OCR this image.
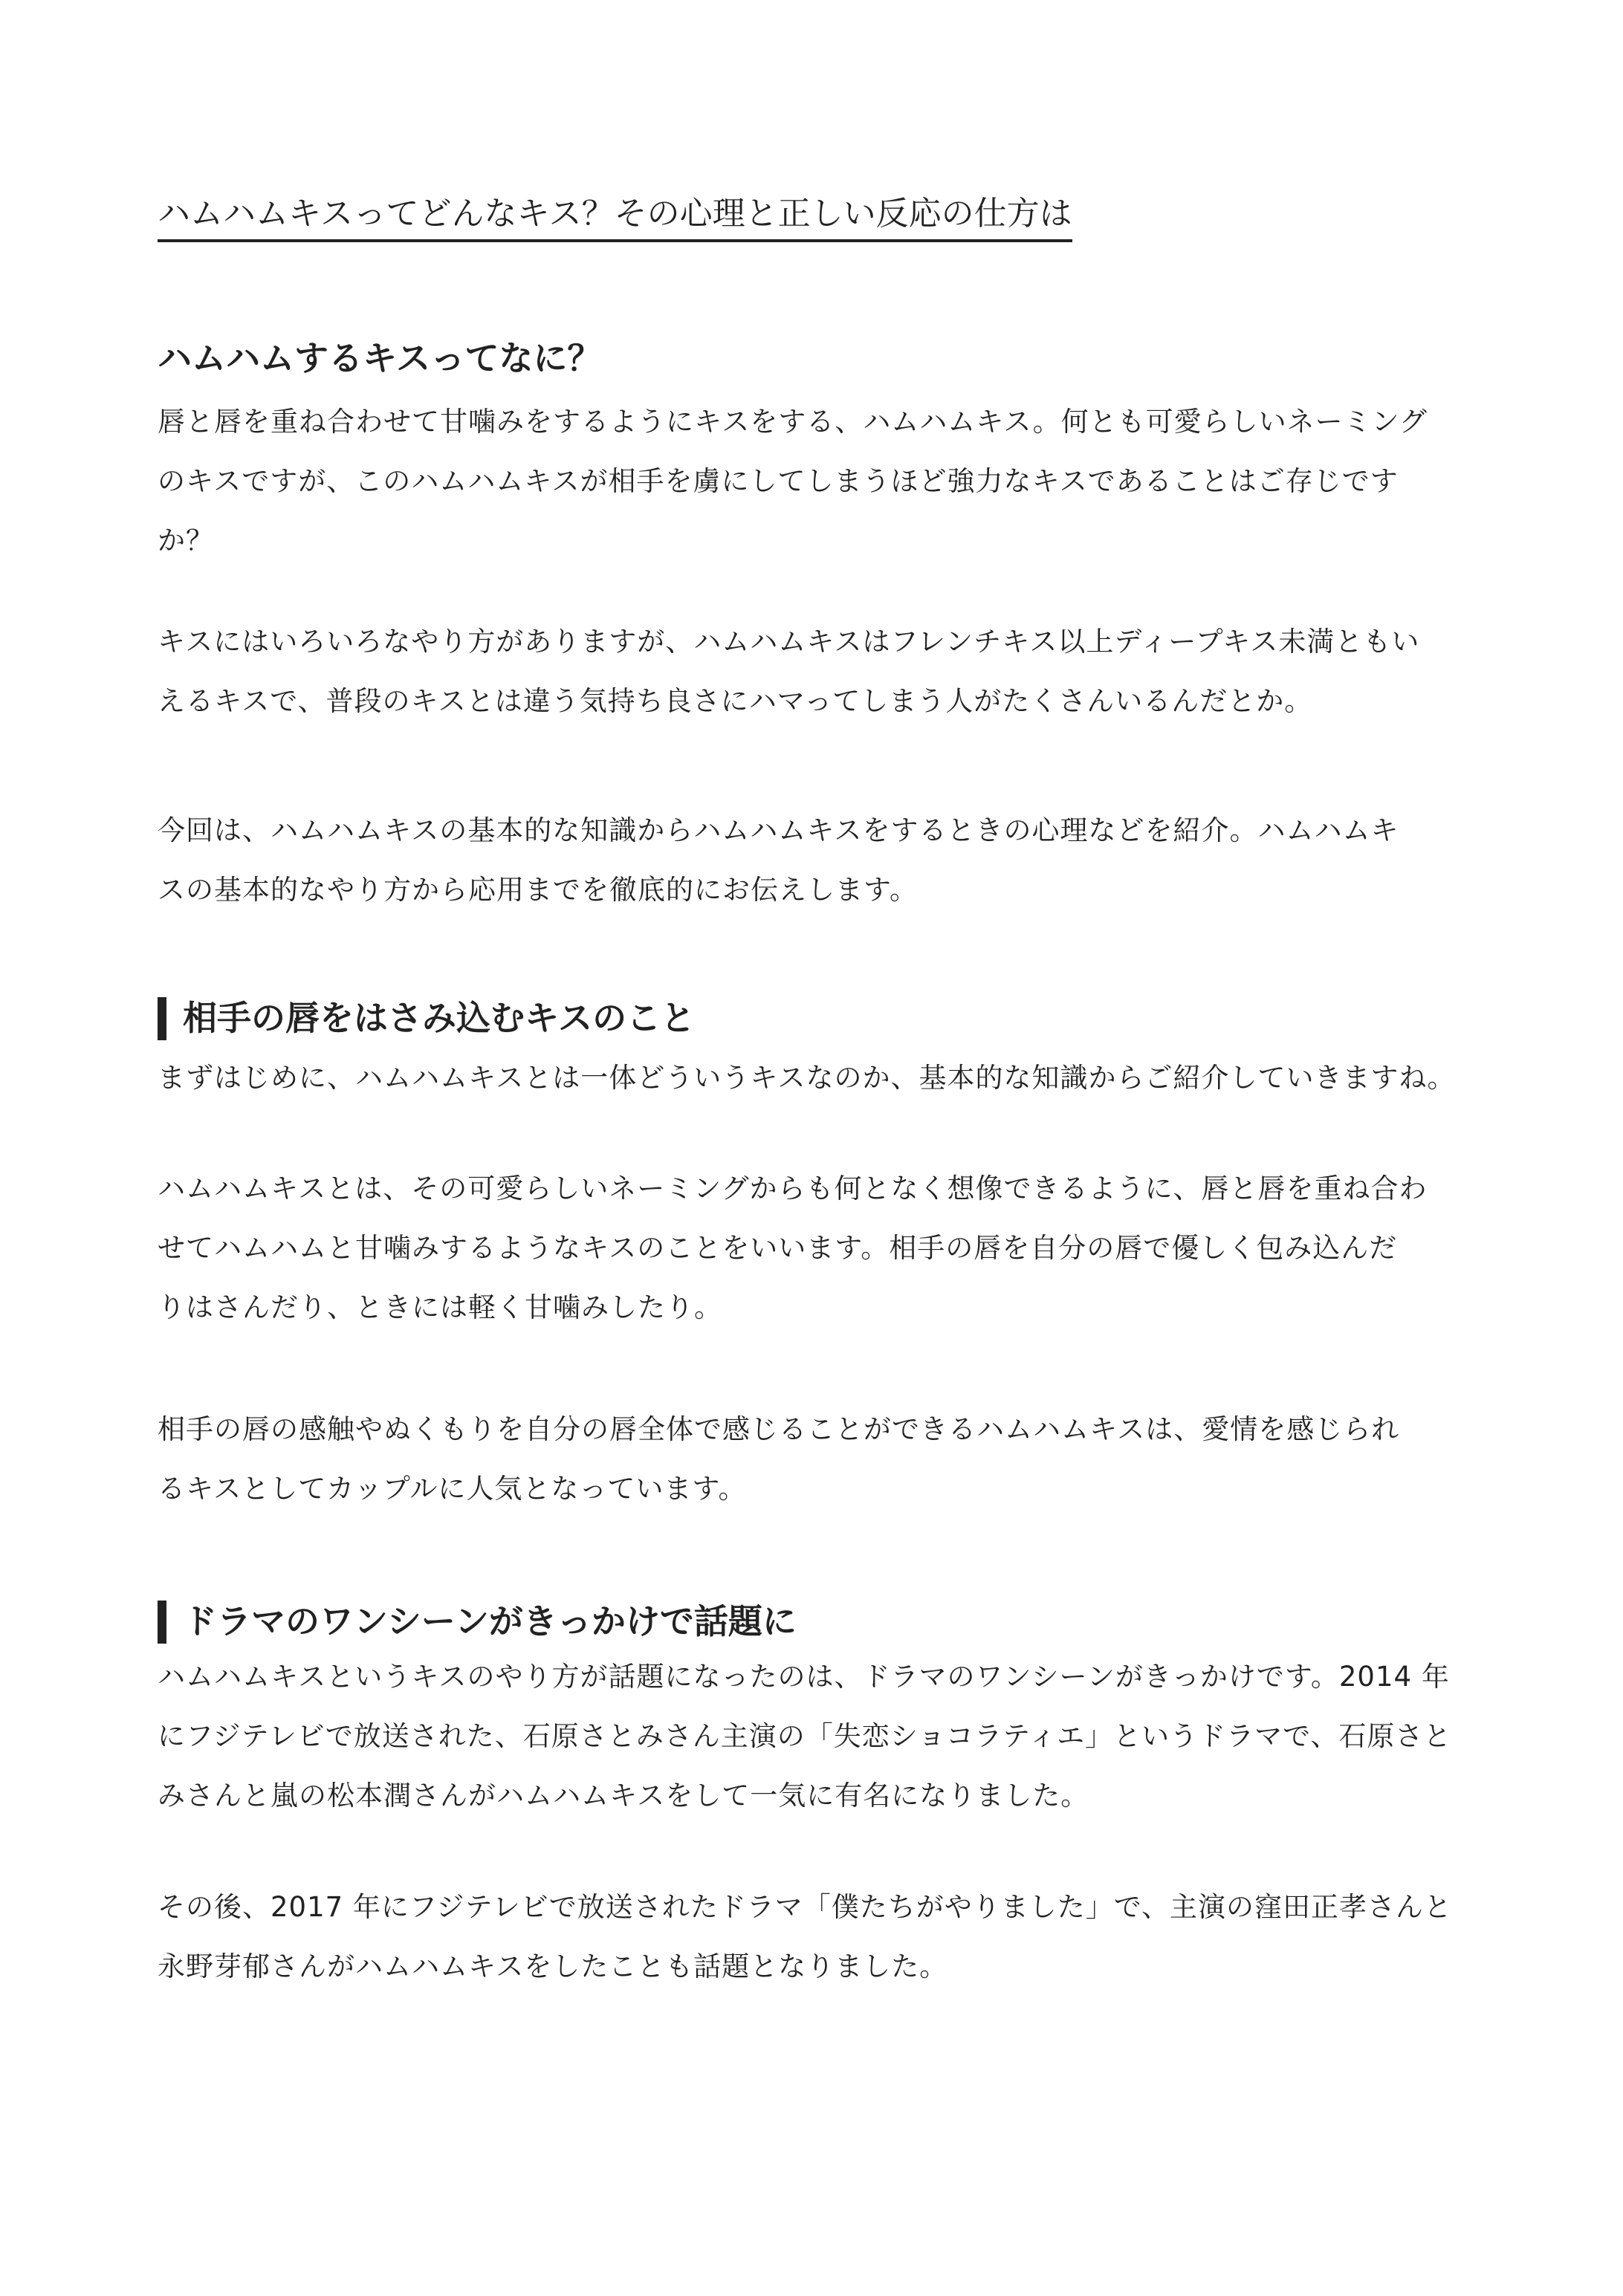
ハムハムキスってどんなキス？その心理と正しい反応の仕方は
ハムハムするキスってなに？
唇と唇を重ね合わせて甘噛みをするようにキスをする、ハムハムキス。何とも可愛らしいネーミング
のキスですが、このハムハムキスが相手を虜にしてしまうほど強力なキスであることはご存じです
か？
キスにはいろいろなやり方がありますが、ハムハムキスはフレンチキス以上ディープキス未満ともい
えるキスで、普段のキスとは違う気持ち良さにハマってしまう人がたくさんいるんだとか。
今回は、ハムハムキスの基本的な知識からハムハムキスをするときの心理などを紹介。ハムハムキ
スの基本的なやり方から応用までを徹底的にお伝えします。
相手の唇をはさみ込むキスのこと
まずはじめに、ハムハムキスとは一体どういうキスなのか、基本的な知識からご紹介していきますね。
ハムハムキスとは、その可愛らしいネーミングからも何となく想像できるように、唇と唇を重ね合わ
せてハムハムと甘噛みするようなキスのことをいいます。相手の唇を自分の唇で優しく包み込んだ
りはさんだり、ときには軽く甘噛みしたり。
相手の唇の感触やぬくもりを自分の唇全体で感じることができるハムハムキスは、愛情を感じられ
るキスとしてカップルに人気となっています。
ドラマのワンシーンがきっかけで話題に
ハムハムキスというキスのやり方が話題になったのは、ドラマのワンシーンがきっかけです。2014 年
にフジテレビで放送された、石原さとみさん主演の「失恋ショコラティエ」というドラマで、石原さと
みさんと嵐の松本潤さんがハムハムキスをして一気に有名になりました。
その後、2017 年にフジテレビで放送されたドラマ「僕たちがやりました」で、主演の窪田正孝さんと
永野芽郁さんがハムハムキスをしたことも話題となりました。
